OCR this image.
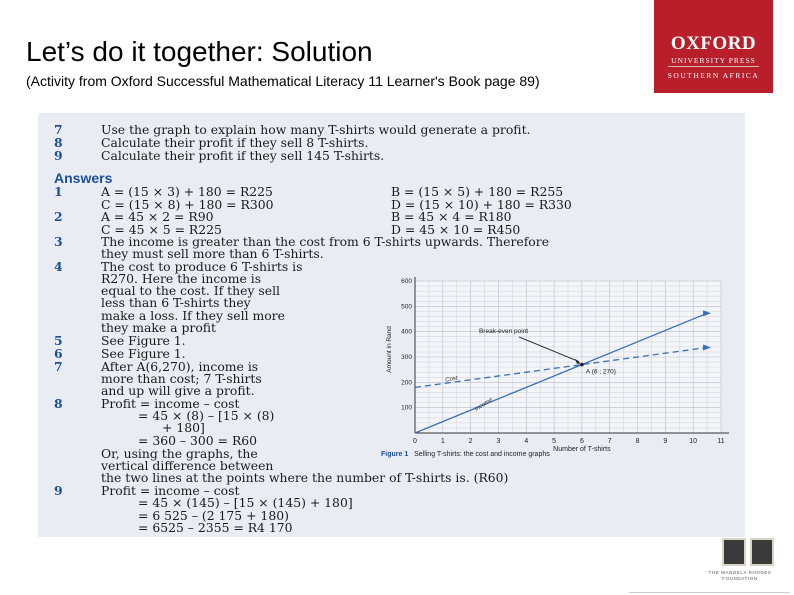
Let’s do it together: Solution
(Activity from Oxford Successful Mathematical Literacy 11 Learner's Book page 89)
OXFORD
UNIVERSITY PRESS
SOUTHERN AFRICA
7	Use the graph to explain how many T-shirts would generate a profit.
8	Calculate their profit if they sell 8 T-shirts.
9	Calculate their profit if they sell 145 T-shirts.
Answers
1	A = (15 × 3) + 180 = R225	B = (15 × 5) + 180 = R255
C = (15 × 8) + 180 = R300	D = (15 × 10) + 180 = R330
2	A = 45 × 2 = R90	B = 45 × 4 = R180
C = 45 × 5 = R225	D = 45 × 10 = R450
3	The income is greater than the cost from 6 T-shirts upwards. Therefore
they must sell more than 6 T-shirts.
4	The cost to produce 6 T-shirts is
R270. Here the income is
equal to the cost. If they sell
less than 6 T-shirts they
make a loss. If they sell more
they make a profit
5	See Figure 1.
6	See Figure 1.
7	After A(6,270), income is
more than cost; 7 T-shirts
and up will give a profit.
8	Profit = income – cost
= 45 × (8) – [15 × (8)
+ 180]
= 360 – 300 = R60
Or, using the graphs, the
vertical difference between
the two lines at the points where the number of T-shirts is. (R60)
9	Profit = income – cost
= 45 × (145) – [15 × (145) + 180]
= 6 525 – (2 175 + 180)
= 6525 – 2355 = R4 170
0	1	2	3	4	5	6	7	8	9	10	11
100
200
300
400
500
600
Number of T-shirts
Amount in Rand
Income
Cost
Break-even point
A (6 ; 270)
Figure 1 Selling T-shirts: the cost and income graphs
THE MANDELA RHODES
FOUNDATION
